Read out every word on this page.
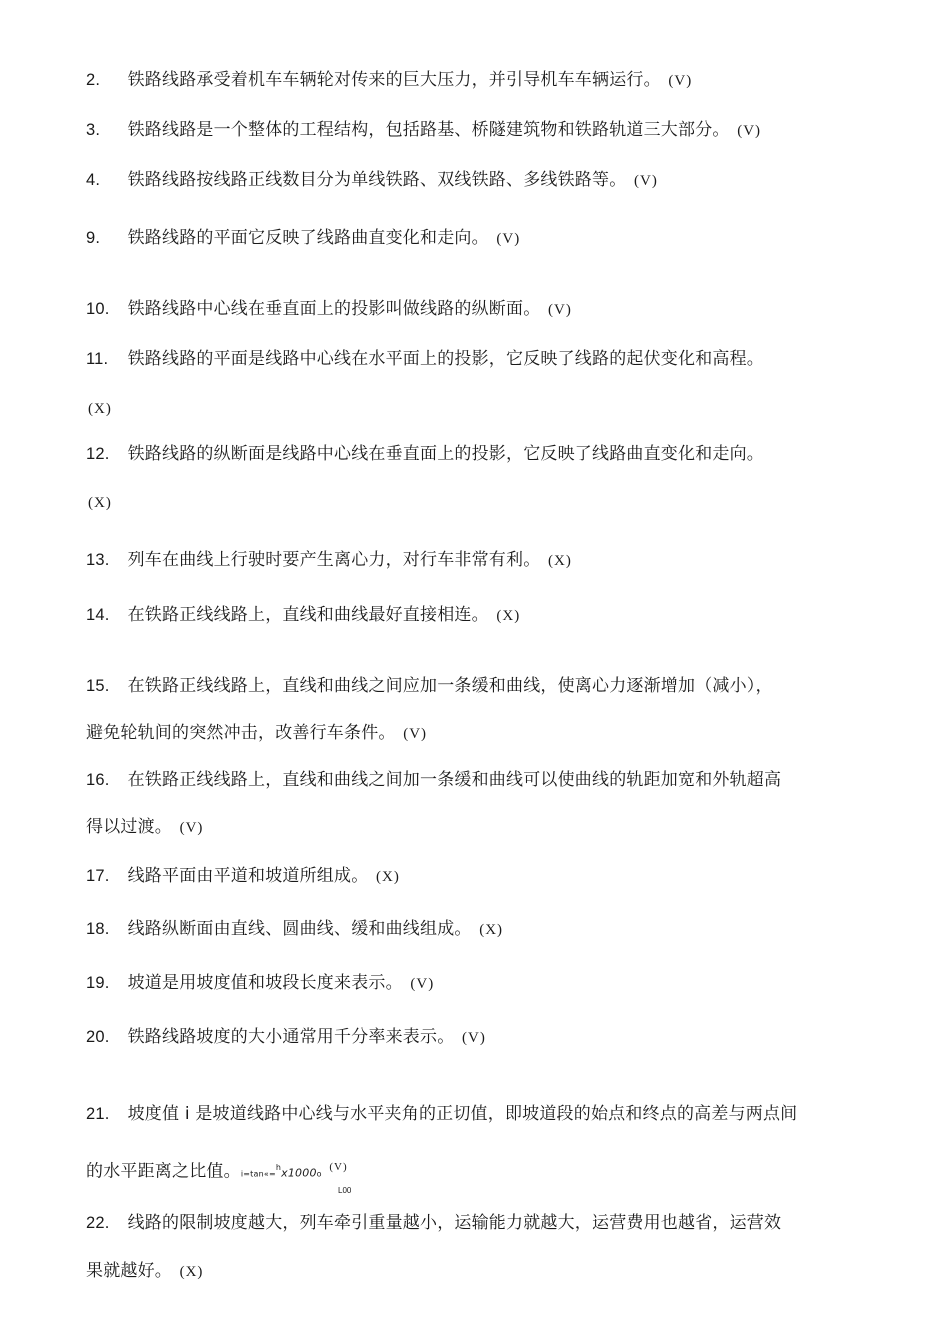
2. 铁路线路承受着机车车辆轮对传来的巨大压力，并引导机车车辆运行。 (V)
3. 铁路线路是一个整体的工程结构，包括路基、桥隧建筑物和铁路轨道三大部分。 (V)
4. 铁路线路按线路正线数目分为单线铁路、双线铁路、多线铁路等。 (V)
9. 铁路线路的平面它反映了线路曲直变化和走向。 (V)
10. 铁路线路中心线在垂直面上的投影叫做线路的纵断面。 (V)
11. 铁路线路的平面是线路中心线在水平面上的投影，它反映了线路的起伏变化和高程。
(X)
12. 铁路线路的纵断面是线路中心线在垂直面上的投影，它反映了线路曲直变化和走向。
(X)
13. 列车在曲线上行驶时要产生离心力，对行车非常有利。 (X)
14. 在铁路正线线路上，直线和曲线最好直接相连。 (X)
15. 在铁路正线线路上，直线和曲线之间应加一条缓和曲线，使离心力逐渐增加（减小），
避免轮轨间的突然冲击，改善行车条件。 (V)
16. 在铁路正线线路上，直线和曲线之间加一条缓和曲线可以使曲线的轨距加宽和外轨超高
得以过渡。 (V)
17. 线路平面由平道和坡道所组成。 (X)
18. 线路纵断面由直线、圆曲线、缓和曲线组成。 (X)
19. 坡道是用坡度值和坡段长度来表示。 (V)
20. 铁路线路坡度的大小通常用千分率来表示。 (V)
21. 坡度值 i 是坡道线路中心线与水平夹角的正切值，即坡道段的始点和终点的高差与两点间
的水平距离之比值。i=tan«=$^h$x1000o $^{(V)}$
L00
22. 线路的限制坡度越大，列车牵引重量越小，运输能力就越大，运营费用也越省，运营效
果就越好。 (X)
